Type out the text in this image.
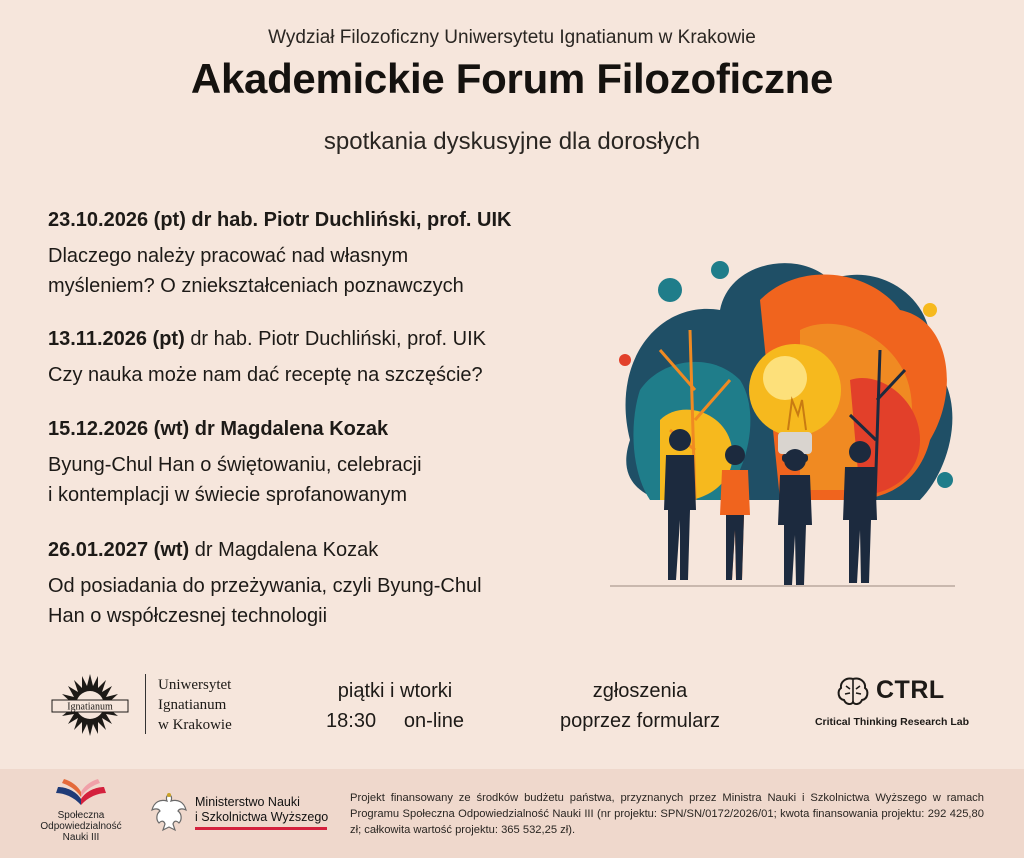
Wydział Filozoficzny Uniwersytetu Ignatianum w Krakowie
Akademickie Forum Filozoficzne
spotkania dyskusyjne dla dorosłych
23.10.2026 (pt) dr hab. Piotr Duchliński, prof. UIK
Dlaczego należy pracować nad własnym
myśleniem? O zniekształceniach poznawczych
13.11.2026 (pt) dr hab. Piotr Duchliński, prof. UIK
Czy nauka może nam dać receptę na szczęście?
15.12.2026 (wt) dr Magdalena Kozak
Byung-Chul Han o świętowaniu, celebracji
i kontemplacji w świecie sprofanowanym
26.01.2027 (wt) dr Magdalena Kozak
Od posiadania do przeżywania, czyli Byung-Chul
Han o współczesnej technologii
Ignatianum
Uniwersytet
Ignatianum
w Krakowie
piątki i wtorki
18:30 on-line
zgłoszenia
poprzez formularz
CTRL
Critical Thinking Research Lab
Społeczna
Odpowiedzialność
Nauki III
Ministerstwo Nauki
i Szkolnictwa Wyższego
Projekt finansowany ze środków budżetu państwa, przyznanych przez Ministra Nauki i Szkolnictwa Wyższego w ramach Programu Społeczna Odpowiedzialność Nauki III (nr projektu: SPN/SN/0172/2026/01; kwota finansowania projektu: 292 425,80 zł; całkowita wartość projektu: 365 532,25 zł).
